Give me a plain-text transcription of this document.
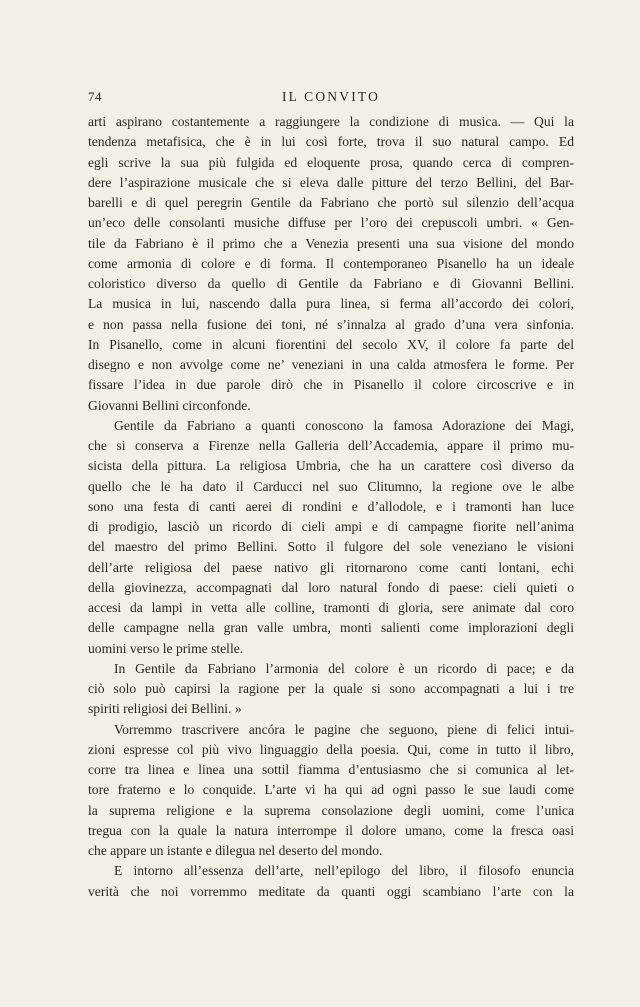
74	IL CONVITO
arti aspirano costantemente a raggiungere la condizione di musica. — Qui la
tendenza metafisica, che è in lui così forte, trova il suo natural campo. Ed
egli scrive la sua più fulgida ed eloquente prosa, quando cerca di compren-
dere l’aspirazione musicale che si eleva dalle pitture del terzo Bellini, del Bar-
barelli e di quel peregrin Gentile da Fabriano che portò sul silenzio dell’acqua
un’eco delle consolanti musiche diffuse per l’oro dei crepuscoli umbri. « Gen-
tile da Fabriano è il primo che a Venezia presenti una sua visione del mondo
come armonia di colore e di forma. Il contemporaneo Pisanello ha un ideale
coloristico diverso da quello di Gentile da Fabriano e di Giovanni Bellini.
La musica in lui, nascendo dalla pura linea, si ferma all’accordo dei colori,
e non passa nella fusione dei toni, né s’innalza al grado d’una vera sinfonia.
In Pisanello, come in alcuni fiorentini del secolo XV, il colore fa parte del
disegno e non avvolge come ne’ veneziani in una calda atmosfera le forme. Per
fissare l’idea in due parole dirò che in Pisanello il colore circoscrive e in
Giovanni Bellini circonfonde.
Gentile da Fabriano a quanti conoscono la famosa Adorazione dei Magi,
che si conserva a Firenze nella Galleria dell’Accademia, appare il primo mu-
sicista della pittura. La religiosa Umbria, che ha un carattere così diverso da
quello che le ha dato il Carducci nel suo Clitumno, la regione ove le albe
sono una festa di canti aerei di rondini e d’allodole, e i tramonti han luce
di prodigio, lasciò un ricordo di cieli ampi e di campagne fiorite nell’anima
del maestro del primo Bellini. Sotto il fulgore del sole veneziano le visioni
dell’arte religiosa del paese nativo gli ritornarono come canti lontani, echi
della giovinezza, accompagnati dal loro natural fondo di paese: cieli quieti o
accesi da lampi in vetta alle colline, tramonti di gloria, sere animate dal coro
delle campagne nella gran valle umbra, monti salienti come implorazioni degli
uomini verso le prime stelle.
In Gentile da Fabriano l’armonia del colore è un ricordo di pace; e da
ciò solo può capirsi la ragione per la quale si sono accompagnati a lui i tre
spiriti religiosi dei Bellini. »
Vorremmo trascrivere ancóra le pagine che seguono, piene di felici intui-
zioni espresse col più vivo linguaggio della poesia. Qui, come in tutto il libro,
corre tra linea e linea una sottil fiamma d’entusiasmo che si comunica al let-
tore fraterno e lo conquide. L’arte vi ha qui ad ogni passo le sue laudi come
la suprema religione e la suprema consolazione degli uomini, come l’unica
tregua con la quale la natura interrompe il dolore umano, come la fresca oasi
che appare un istante e dilegua nel deserto del mondo.
E intorno all’essenza dell’arte, nell’epilogo del libro, il filosofo enuncia
verità che noi vorremmo meditate da quanti oggi scambiano l’arte con la
